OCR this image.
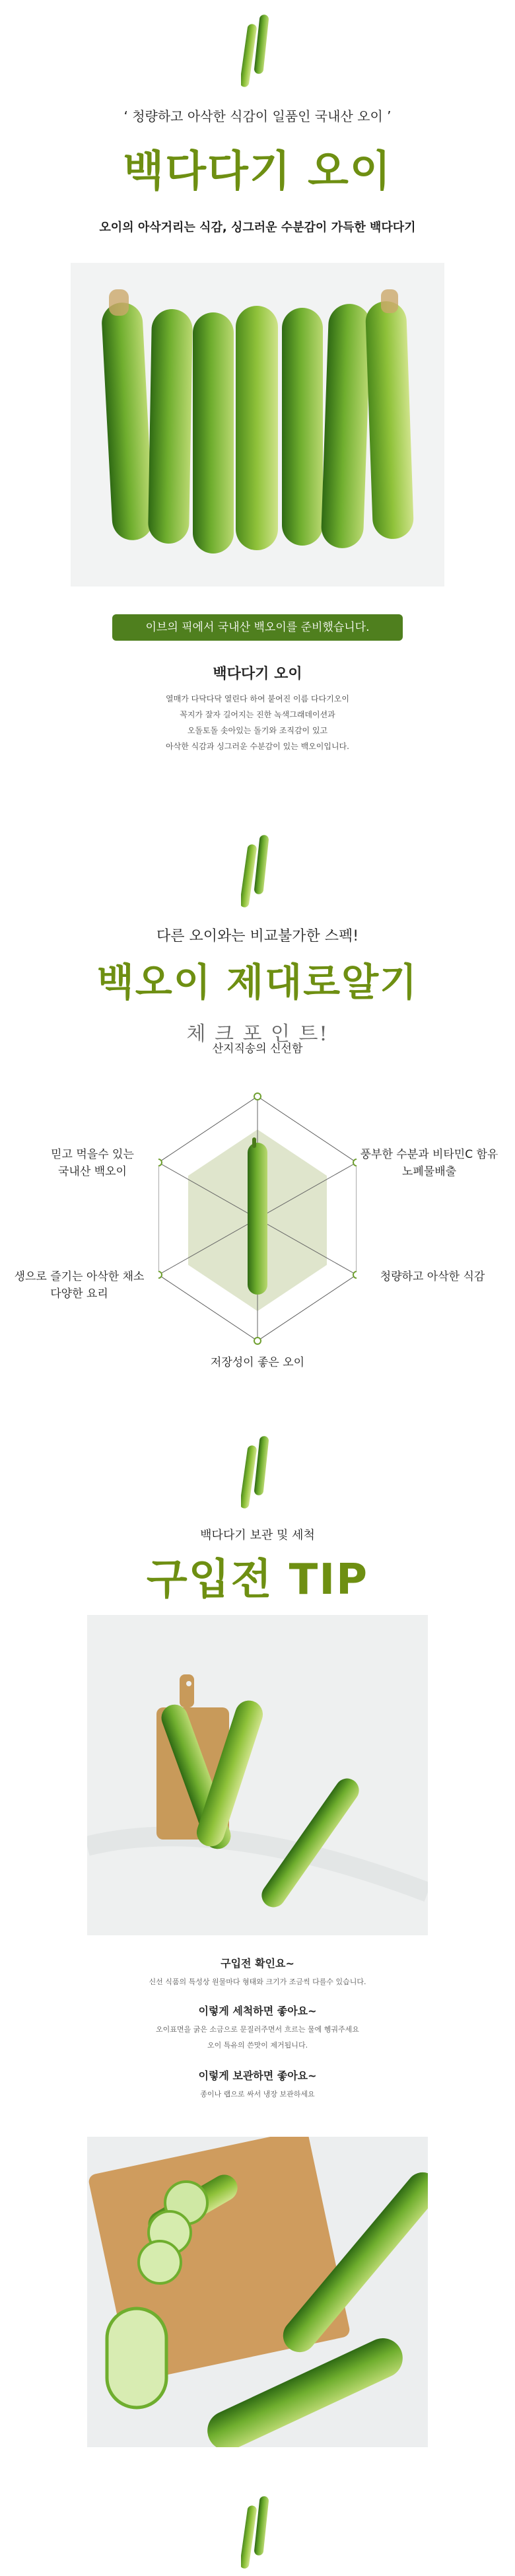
‘ 청량하고 아삭한 식감이 일품인 국내산 오이 ’
백다다기 오이
오이의 아삭거리는 식감, 싱그러운 수분감이 가득한 백다다기
이브의 픽에서 국내산 백오이를 준비했습니다.
백다다기 오이
열매가 다닥다닥 열린다 하여 붙여진 이름 다다기오이
꼭지가 잘자 길어지는 진한 녹색그래데이션과
오돌토돌 솟아있는 돌기와 조직감이 있고
아삭한 식감과 싱그러운 수분감이 있는 백오이입니다.
다른 오이와는 비교불가한 스펙!
백오이 제대로알기
체 크 포 인 트!
산지직송의 신선함
풍부한 수분과 비타민C 함유
노폐물배출
청량하고 아삭한 식감
저장성이 좋은 오이
생으로 즐기는 아삭한 채소
다양한 요리
믿고 먹을수 있는
국내산 백오이
백다다기 보관 및 세척
구입전 TIP
구입전 확인요~
신선 식품의 특성상 원물마다 형태와 크기가 조금씩 다를수 있습니다.
이렇게 세척하면 좋아요~
오이표면을 굵은 소금으로 문질러주면서 흐르는 물에 헹궈주세요
오이 특유의 쓴맛이 제거됩니다.
이렇게 보관하면 좋아요~
종이나 랩으로 싸서 냉장 보관하세요
